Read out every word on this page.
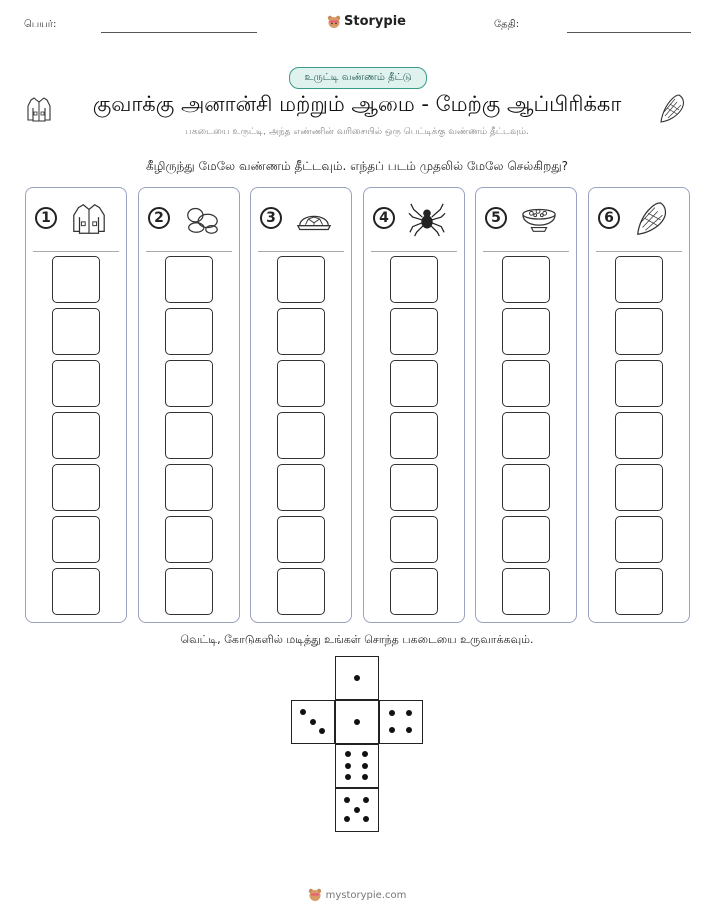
பெயர்:	Storypie	தேதி:
உருட்டி வண்ணம் தீட்டு
குவாக்கு அனான்சி மற்றும் ஆமை - மேற்கு ஆப்பிரிக்கா
பகடையை உருட்டி, அந்த எண்ணின் வரிசையில் ஒரு பெட்டிக்கு வண்ணம் தீட்டவும்.
கீழிருந்து மேலே வண்ணம் தீட்டவும். எந்தப் படம் முதலில் மேலே செல்கிறது?
1	2	3	4	5	6
வெட்டி, கோடுகளில் மடித்து உங்கள் சொந்த பகடையை உருவாக்கவும்.
mystorypie.com
